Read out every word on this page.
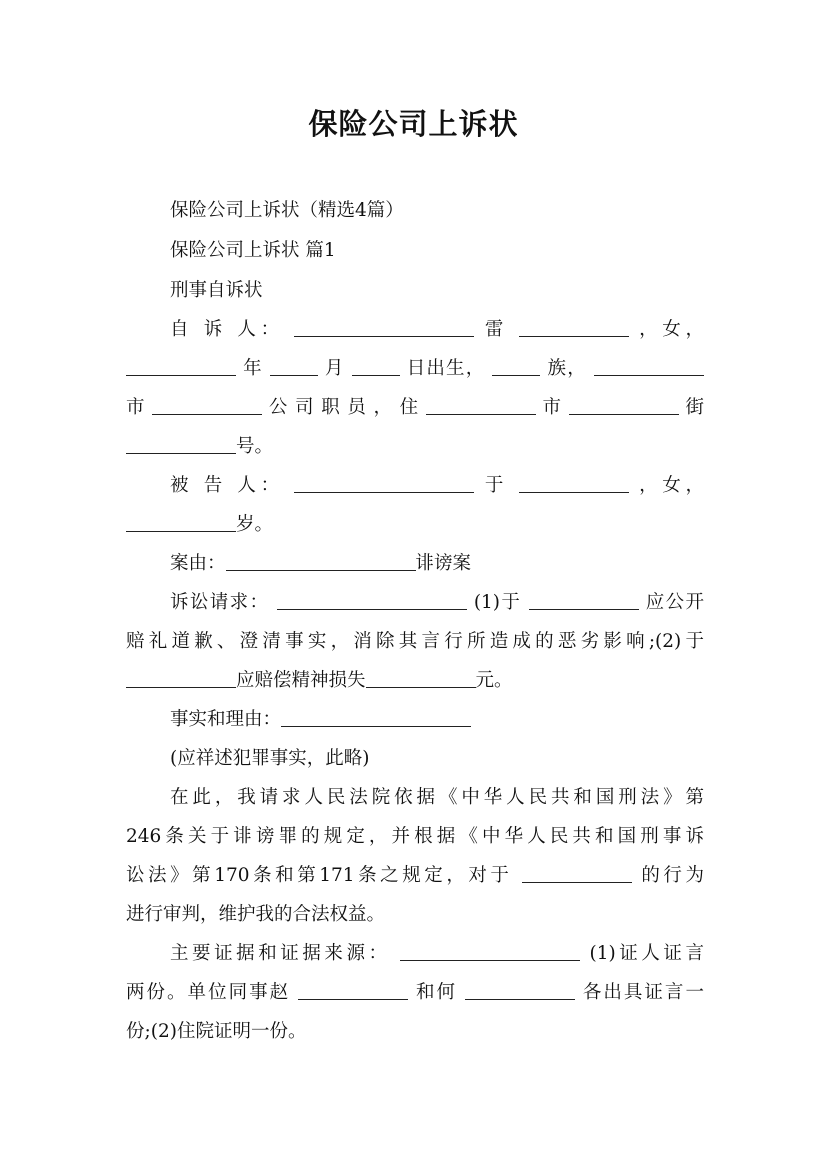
保险公司上诉状
保险公司上诉状（精选4篇）
保险公司上诉状 篇1
刑事自诉状
自 诉 人：	雷	，女，
年	月	日出生，	族，
市	公 司 职 员 ， 住	市	街
号。
被 告 人：	于	，女，
岁。
案由：	诽谤案
诉讼请求：	(1)于	应公开
赔礼道歉、澄清事实，消除其言行所造成的恶劣影响;(2)于
应赔偿精神损失	元。
事实和理由：
(应祥述犯罪事实，此略)
在此，我请求人民法院依据《中华人民共和国刑法》第
246条关于诽谤罪的规定，并根据《中华人民共和国刑事诉
讼法》第170条和第171条之规定，对于	的行为
进行审判，维护我的合法权益。
主要证据和证据来源：	(1)证人证言
两份。单位同事赵	和何	各出具证言一
份;(2)住院证明一份。
